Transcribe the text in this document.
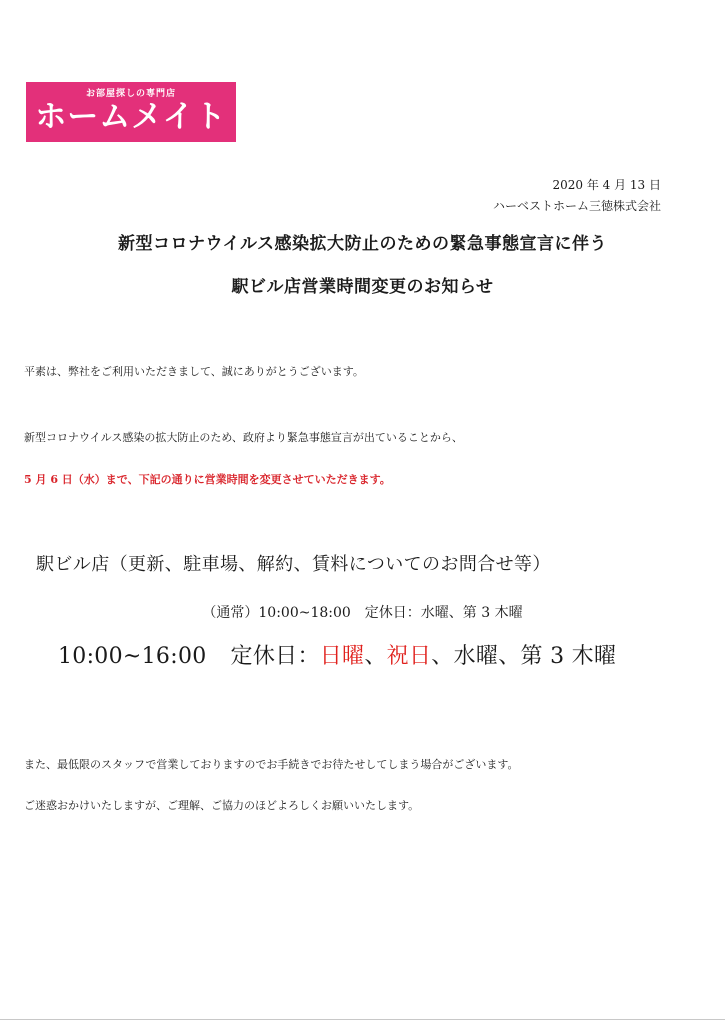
お部屋探しの専門店
ホームメイト
2020 年 4 月 13 日
ハーベストホーム三徳株式会社
新型コロナウイルス感染拡大防止のための緊急事態宣言に伴う
駅ビル店営業時間変更のお知らせ
平素は、弊社をご利用いただきまして、誠にありがとうございます。
新型コロナウイルス感染の拡大防止のため、政府より緊急事態宣言が出ていることから、
5 月 6 日（水）まで、下記の通りに営業時間を変更させていただきます。
駅ビル店（更新、駐車場、解約、賃料についてのお問合せ等）
（通常）10:00~18:00 定休日：水曜、第 3 木曜
10:00~16:00 定休日：日曜、祝日、水曜、第 3 木曜
また、最低限のスタッフで営業しておりますのでお手続きでお待たせしてしまう場合がございます。
ご迷惑おかけいたしますが、ご理解、ご協力のほどよろしくお願いいたします。
